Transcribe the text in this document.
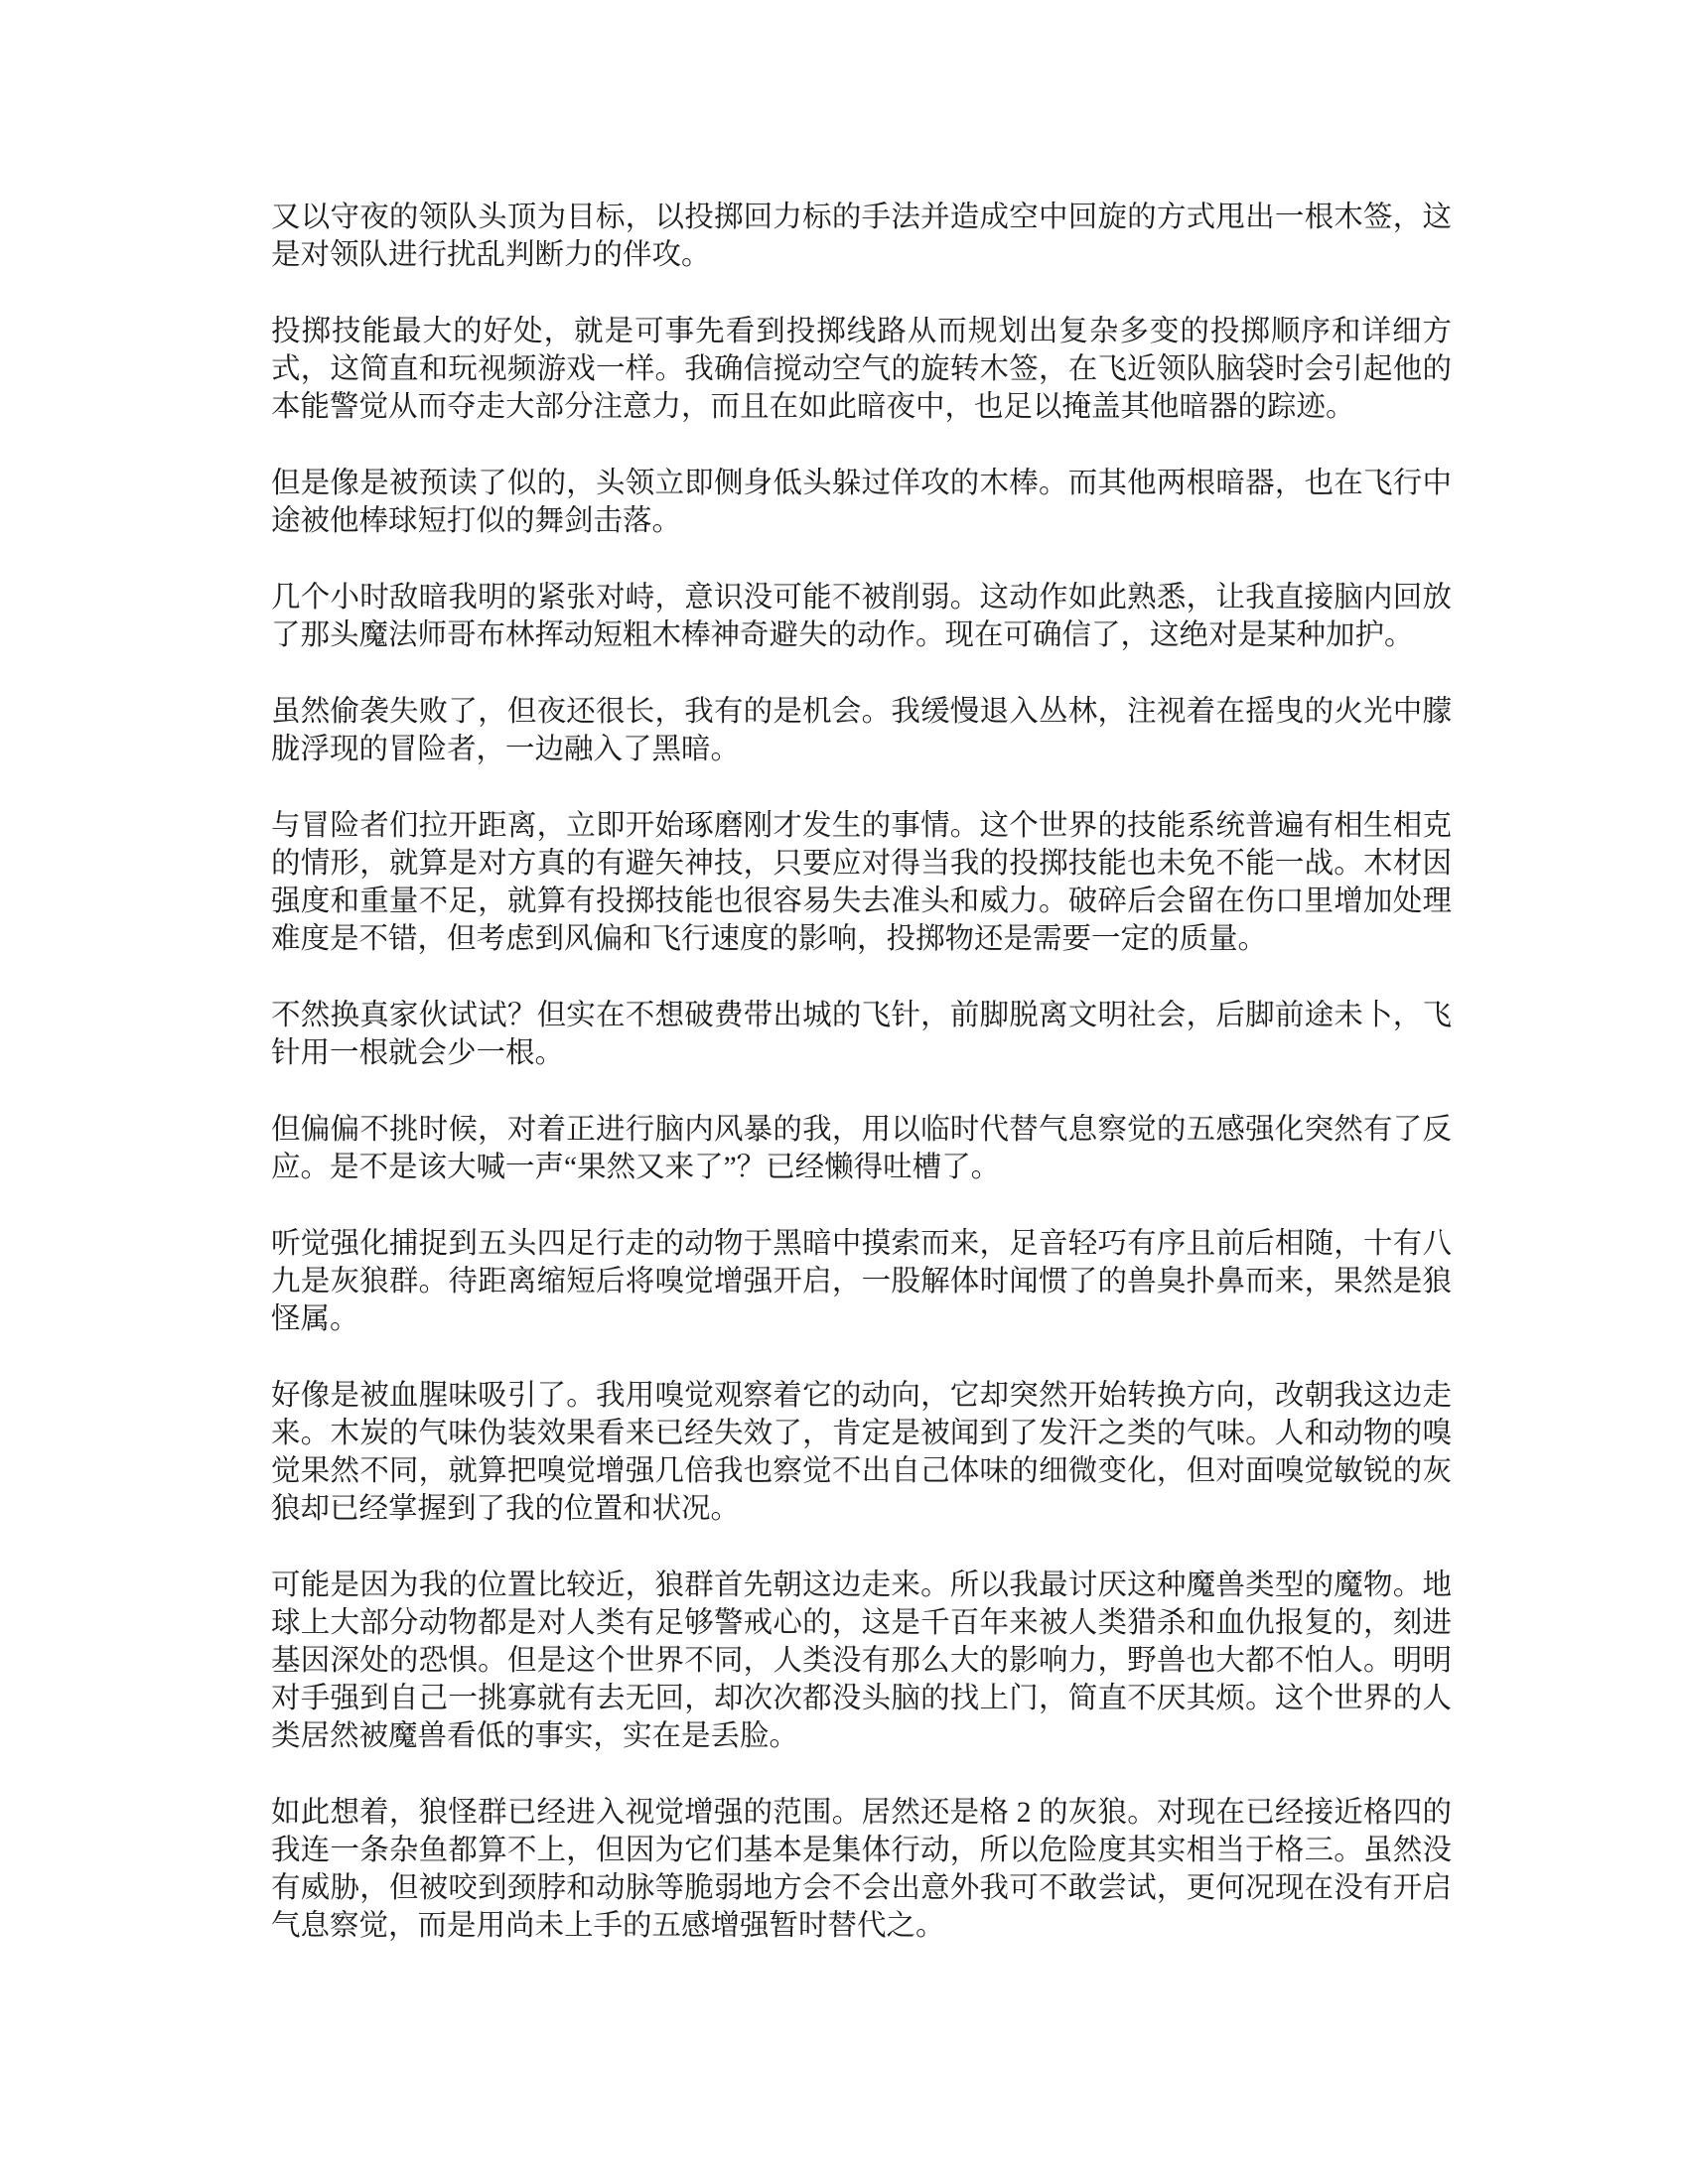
又以守夜的领队头顶为目标，以投掷回力标的手法并造成空中回旋的方式甩出一根木签，这
是对领队进行扰乱判断力的伴攻。
投掷技能最大的好处，就是可事先看到投掷线路从而规划出复杂多变的投掷顺序和详细方
式，这简直和玩视频游戏一样。我确信搅动空气的旋转木签，在飞近领队脑袋时会引起他的
本能警觉从而夺走大部分注意力，而且在如此暗夜中，也足以掩盖其他暗器的踪迹。
但是像是被预读了似的，头领立即侧身低头躲过佯攻的木棒。而其他两根暗器，也在飞行中
途被他棒球短打似的舞剑击落。
几个小时敌暗我明的紧张对峙，意识没可能不被削弱。这动作如此熟悉，让我直接脑内回放
了那头魔法师哥布林挥动短粗木棒神奇避失的动作。现在可确信了，这绝对是某种加护。
虽然偷袭失败了，但夜还很长，我有的是机会。我缓慢退入丛林，注视着在摇曳的火光中朦
胧浮现的冒险者，一边融入了黑暗。
与冒险者们拉开距离，立即开始琢磨刚才发生的事情。这个世界的技能系统普遍有相生相克
的情形，就算是对方真的有避矢神技，只要应对得当我的投掷技能也未免不能一战。木材因
强度和重量不足，就算有投掷技能也很容易失去准头和威力。破碎后会留在伤口里增加处理
难度是不错，但考虑到风偏和飞行速度的影响，投掷物还是需要一定的质量。
不然换真家伙试试？但实在不想破费带出城的飞针，前脚脱离文明社会，后脚前途未卜，飞
针用一根就会少一根。
但偏偏不挑时候，对着正进行脑内风暴的我，用以临时代替气息察觉的五感强化突然有了反
应。是不是该大喊一声“果然又来了”？已经懒得吐槽了。
听觉强化捕捉到五头四足行走的动物于黑暗中摸索而来，足音轻巧有序且前后相随，十有八
九是灰狼群。待距离缩短后将嗅觉增强开启，一股解体时闻惯了的兽臭扑鼻而来，果然是狼
怪属。
好像是被血腥味吸引了。我用嗅觉观察着它的动向，它却突然开始转换方向，改朝我这边走
来。木炭的气味伪装效果看来已经失效了，肯定是被闻到了发汗之类的气味。人和动物的嗅
觉果然不同，就算把嗅觉增强几倍我也察觉不出自己体味的细微变化，但对面嗅觉敏锐的灰
狼却已经掌握到了我的位置和状况。
可能是因为我的位置比较近，狼群首先朝这边走来。所以我最讨厌这种魔兽类型的魔物。地
球上大部分动物都是对人类有足够警戒心的，这是千百年来被人类猎杀和血仇报复的，刻进
基因深处的恐惧。但是这个世界不同，人类没有那么大的影响力，野兽也大都不怕人。明明
对手强到自己一挑寡就有去无回，却次次都没头脑的找上门，简直不厌其烦。这个世界的人
类居然被魔兽看低的事实，实在是丢脸。
如此想着，狼怪群已经进入视觉增强的范围。居然还是格 2 的灰狼。对现在已经接近格四的
我连一条杂鱼都算不上，但因为它们基本是集体行动，所以危险度其实相当于格三。虽然没
有威胁，但被咬到颈脖和动脉等脆弱地方会不会出意外我可不敢尝试，更何况现在没有开启
气息察觉，而是用尚未上手的五感增强暂时替代之。
